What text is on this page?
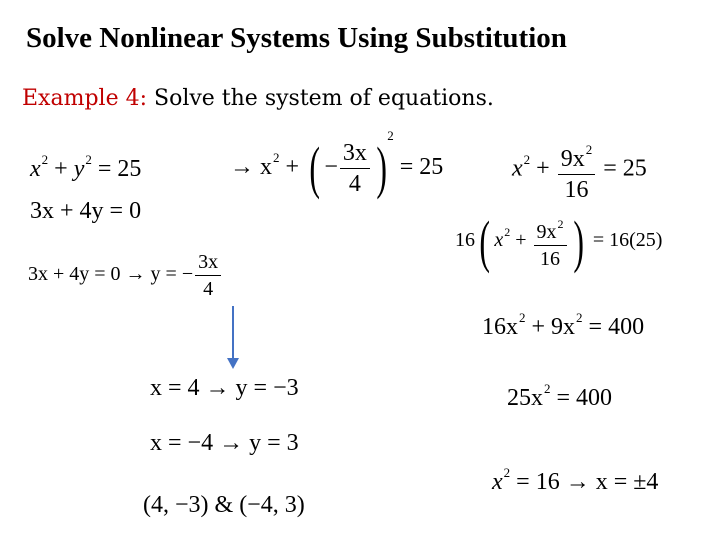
Solve Nonlinear Systems Using Substitution
Example 4: Solve the system of equations.
$x^2 + y^2 = 25$
3x + 4y = 0
3x + 4y = 0 → y = − $\frac{3x}{4}$
→ $x^2$ + ( − $\frac{3x}{4} )^2 = 25$	$x^2 + \frac{9x^2}{16} = 25$
16( $x^2 + \frac{9x^2}{16}$ ) = 16(25)
$16x^2 + 9x^2 = 400$
$25x^2 = 400$
$x^2 = 16 \to x = \pm 4$
x = 4 → y = −3
x = −4 → y = 3
(4, −3) & (−4, 3)
